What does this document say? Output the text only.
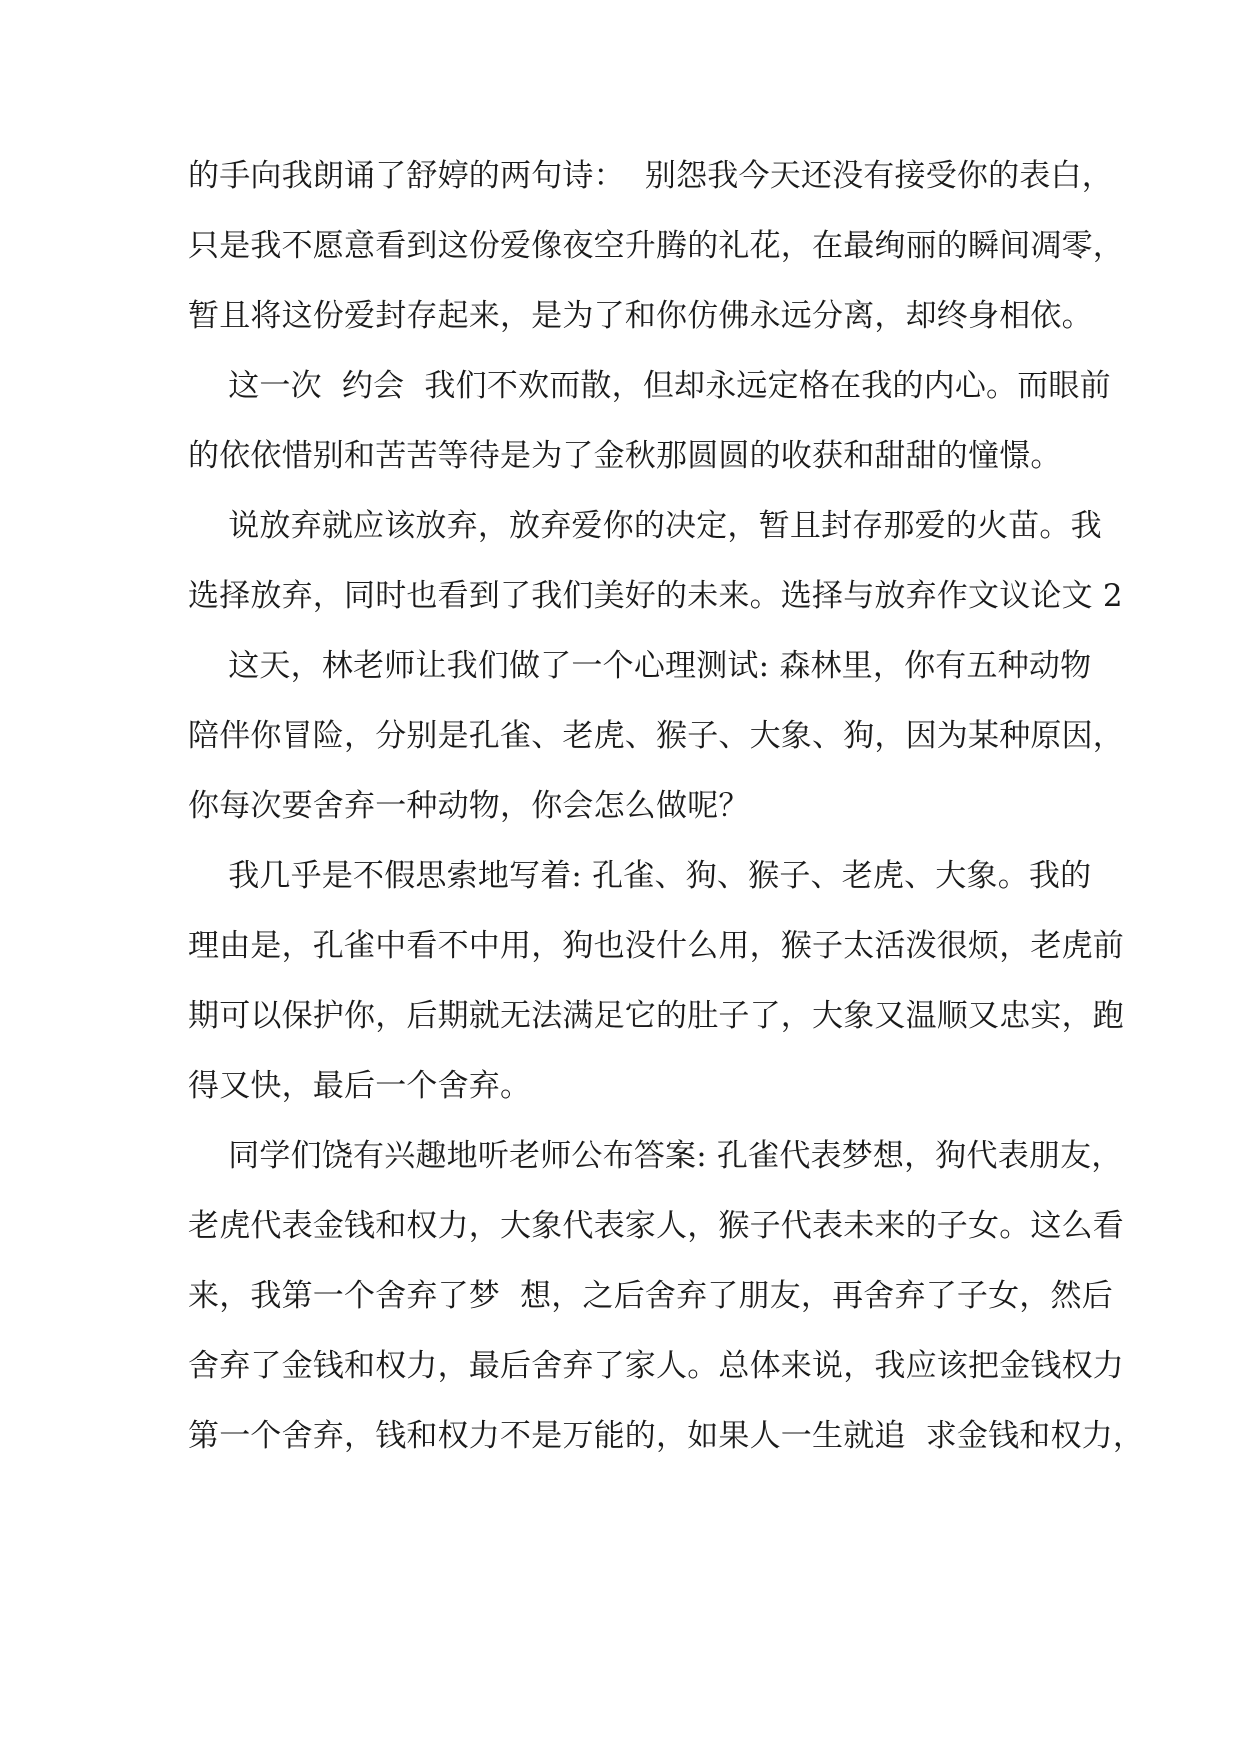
的手向我朗诵了舒婷的两句诗：  别怨我今天还没有接受你的表白，
只是我不愿意看到这份爱像夜空升腾的礼花，在最绚丽的瞬间凋零，
暂且将这份爱封存起来，是为了和你仿佛永远分离，却终身相依。
这一次  约会  我们不欢而散，但却永远定格在我的内心。而眼前
的依依惜别和苦苦等待是为了金秋那圆圆的收获和甜甜的憧憬。
说放弃就应该放弃，放弃爱你的决定，暂且封存那爱的火苗。我
选择放弃，同时也看到了我们美好的未来。选择与放弃作文议论文 2
这天，林老师让我们做了一个心理测试: 森林里，你有五种动物
陪伴你冒险，分别是孔雀、老虎、猴子、大象、狗，因为某种原因，
你每次要舍弃一种动物，你会怎么做呢？
我几乎是不假思索地写着: 孔雀、狗、猴子、老虎、大象。我的
理由是，孔雀中看不中用，狗也没什么用，猴子太活泼很烦，老虎前
期可以保护你，后期就无法满足它的肚子了，大象又温顺又忠实，跑
得又快，最后一个舍弃。
同学们饶有兴趣地听老师公布答案: 孔雀代表梦想，狗代表朋友，
老虎代表金钱和权力，大象代表家人，猴子代表未来的子女。这么看
来，我第一个舍弃了梦  想，之后舍弃了朋友，再舍弃了子女，然后
舍弃了金钱和权力，最后舍弃了家人。总体来说，我应该把金钱权力
第一个舍弃，钱和权力不是万能的，如果人一生就追  求金钱和权力，
